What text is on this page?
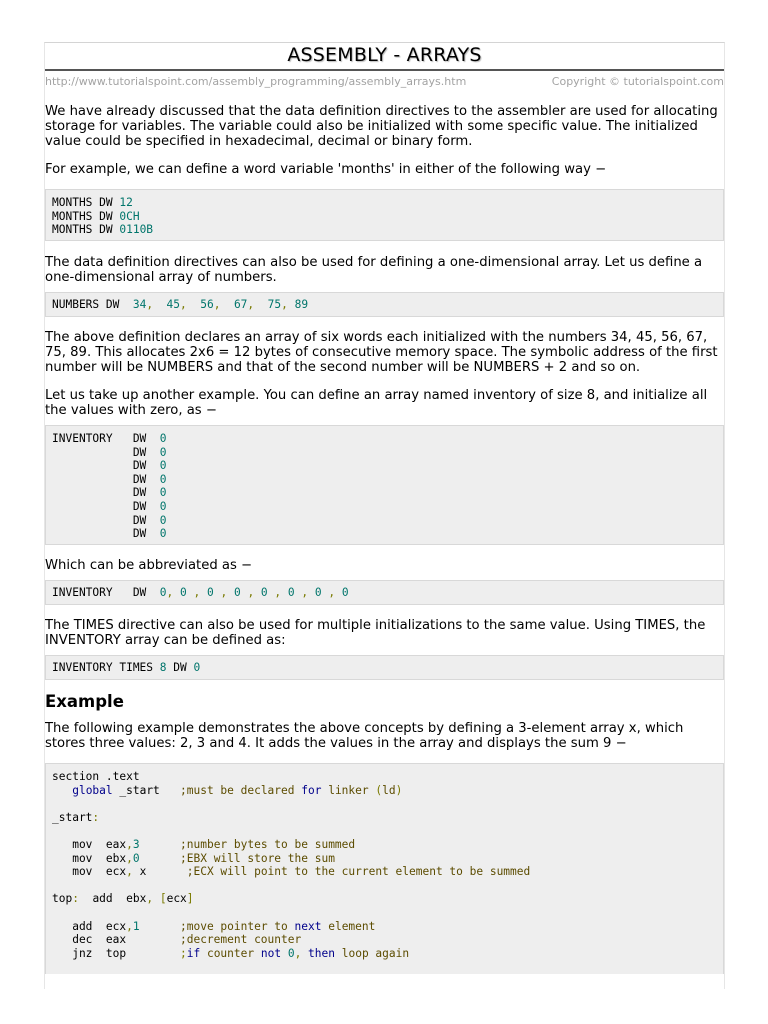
ASSEMBLY - ARRAYS
http://www.tutorialspoint.com/assembly_programming/assembly_arrays.htm	Copyright © tutorialspoint.com

We have already discussed that the data definition directives to the assembler are used for allocating storage for variables. The variable could also be initialized with some specific value. The initialized value could be specified in hexadecimal, decimal or binary form.

For example, we can define a word variable 'months' in either of the following way −

MONTHS DW 12
MONTHS DW 0CH
MONTHS DW 0110B

The data definition directives can also be used for defining a one-dimensional array. Let us define a one-dimensional array of numbers.

NUMBERS DW  34,  45,  56,  67,  75, 89

The above definition declares an array of six words each initialized with the numbers 34, 45, 56, 67, 75, 89. This allocates 2x6 = 12 bytes of consecutive memory space. The symbolic address of the first number will be NUMBERS and that of the second number will be NUMBERS + 2 and so on.

Let us take up another example. You can define an array named inventory of size 8, and initialize all the values with zero, as −

INVENTORY   DW  0
DW  0
DW  0
DW  0
DW  0
DW  0
DW  0
DW  0

Which can be abbreviated as −

INVENTORY   DW  0, 0 , 0 , 0 , 0 , 0 , 0 , 0

The TIMES directive can also be used for multiple initializations to the same value. Using TIMES, the INVENTORY array can be defined as:

INVENTORY TIMES 8 DW 0
Example

The following example demonstrates the above concepts by defining a 3-element array x, which stores three values: 2, 3 and 4. It adds the values in the array and displays the sum 9 −

section .text
global _start   ;must be declared for linker (ld)
_start:
mov  eax,3	;number bytes to be summed
mov  ebx,0	;EBX will store the sum
mov  ecx, x      ;ECX will point to the current element to be summed
top:  add  ebx, [ecx]
add  ecx,1	;move pointer to next element
dec  eax        ;decrement counter
jnz  top        ;if counter not 0, then loop again
